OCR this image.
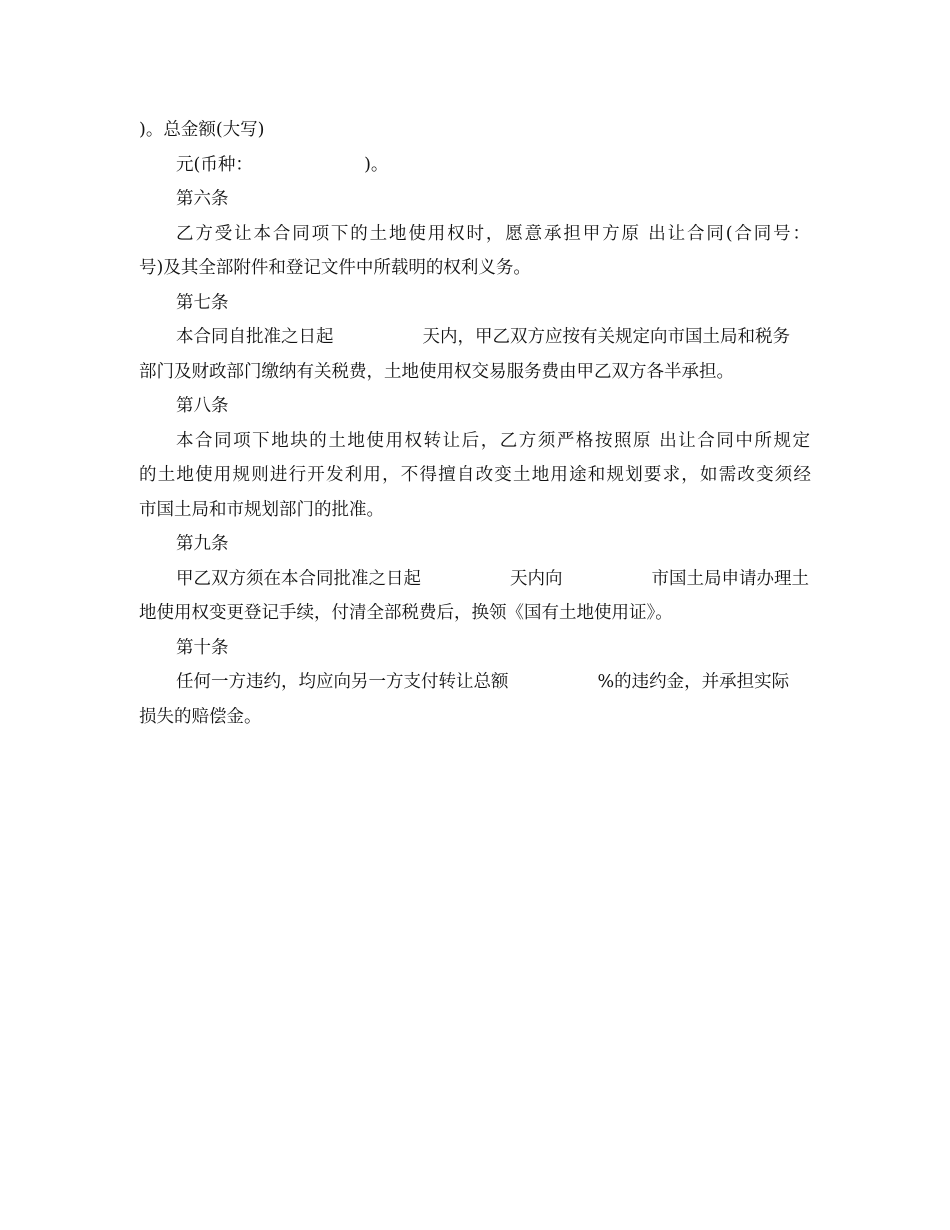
)。总金额(大写)
元(币种：                    )。
第六条
乙方受让本合同项下的土地使用权时，愿意承担甲方原 出让合同(合同号：
号)及其全部附件和登记文件中所载明的权利义务。
第七条
本合同自批准之日起                天内，甲乙双方应按有关规定向市国土局和税务
部门及财政部门缴纳有关税费，土地使用权交易服务费由甲乙双方各半承担。
第八条
本合同项下地块的土地使用权转让后，乙方须严格按照原 出让合同中所规定
的土地使用规则进行开发利用，不得擅自改变土地用途和规划要求，如需改变须经
市国土局和市规划部门的批准。
第九条
甲乙双方须在本合同批准之日起                天内向                市国土局申请办理土
地使用权变更登记手续，付清全部税费后，换领《国有土地使用证》。
第十条
任何一方违约，均应向另一方支付转让总额                %的违约金，并承担实际
损失的赔偿金。
